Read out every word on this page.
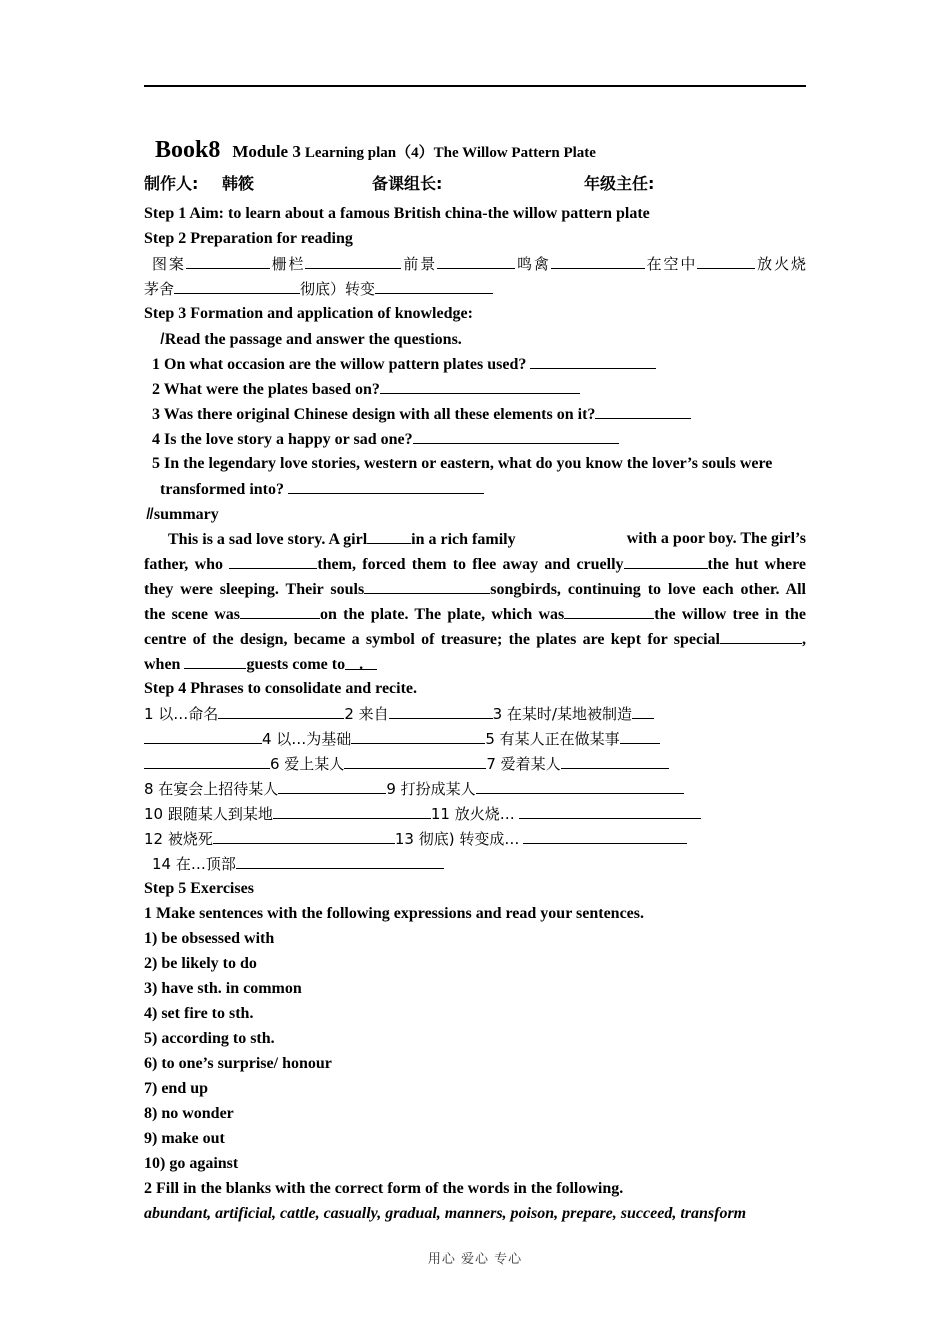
Book8 Module 3 Learning plan（4）The Willow Pattern Plate
制作人: 韩筱	备课组长:	年级主任:
Step 1 Aim: to learn about a famous British china-the willow pattern plate
Step 2 Preparation for reading
图案	栅栏	前景	鸣禽	在空中	放火烧
茅舍	彻底）转变
Step 3 Formation and application of knowledge:
ⅠRead the passage and answer the questions.
1 On what occasion are the willow pattern plates used?
2 What were the plates based on?
3 Was there original Chinese design with all these elements on it?
4 Is the love story a happy or sad one?
5 In the legendary love stories, western or eastern, what do you know the lover’s souls were
transformed into?
Ⅱsummary
This is a sad love story. A girl	in a rich family	with a poor boy. The girl’s
father, who	them, forced them to flee away and cruelly	the hut where
they were sleeping. Their souls	songbirds, continuing to love each other. All
the scene was	on the plate. The plate, which was	the willow tree in the
centre of the design, became a symbol of treasure; the plates are kept for special	,
when	guests come to .
Step 4 Phrases to consolidate and recite.
1 以…命名	2 来自	3 在某时/某地被制造
4 以…为基础	5 有某人正在做某事
6 爱上某人	7 爱着某人
8 在宴会上招待某人	9 打扮成某人
10 跟随某人到某地	11 放火烧…
12 被烧死	13 彻底) 转变成…
14 在…顶部
Step 5 Exercises
1 Make sentences with the following expressions and read your sentences.
1) be obsessed with
2) be likely to do
3) have sth. in common
4) set fire to sth.
5) according to sth.
6) to one’s surprise/ honour
7) end up
8) no wonder
9) make out
10) go against
2 Fill in the blanks with the correct form of the words in the following.
abundant, artificial, cattle, casually, gradual, manners, poison, prepare, succeed, transform
用心 爱心 专心
